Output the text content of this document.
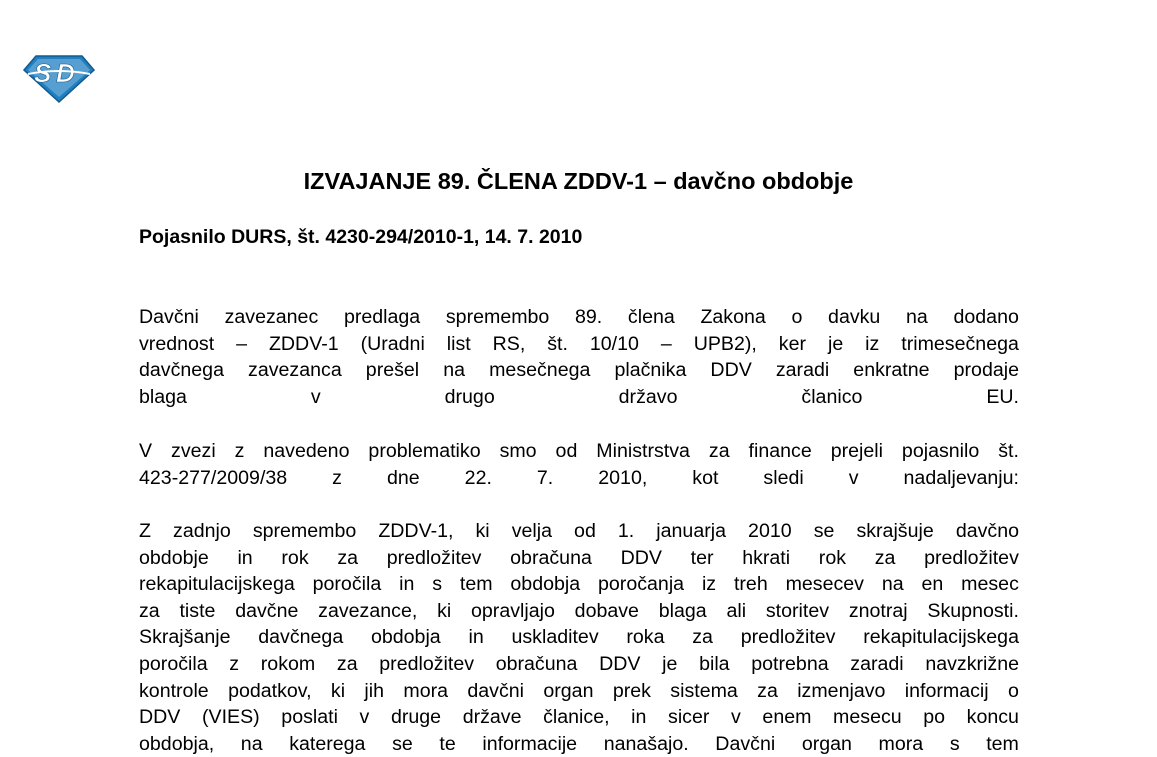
S D
IZVAJANJE 89. ČLENA ZDDV-1 – davčno obdobje
Pojasnilo DURS, št. 4230-294/2010-1, 14. 7. 2010
Davčni zavezanec predlaga spremembo 89. člena Zakona o davku na dodano
vrednost – ZDDV-1 (Uradni list RS, št. 10/10 – UPB2), ker je iz trimesečnega
davčnega zavezanca prešel na mesečnega plačnika DDV zaradi enkratne prodaje
blaga v drugo državo članico EU.
V zvezi z navedeno problematiko smo od Ministrstva za finance prejeli pojasnilo št.
423-277/2009/38 z dne 22. 7. 2010, kot sledi v nadaljevanju:
Z zadnjo spremembo ZDDV-1, ki velja od 1. januarja 2010 se skrajšuje davčno
obdobje in rok za predložitev obračuna DDV ter hkrati rok za predložitev
rekapitulacijskega poročila in s tem obdobja poročanja iz treh mesecev na en mesec
za tiste davčne zavezance, ki opravljajo dobave blaga ali storitev znotraj Skupnosti.
Skrajšanje davčnega obdobja in uskladitev roka za predložitev rekapitulacijskega
poročila z rokom za predložitev obračuna DDV je bila potrebna zaradi navzkrižne
kontrole podatkov, ki jih mora davčni organ prek sistema za izmenjavo informacij o
DDV (VIES) poslati v druge države članice, in sicer v enem mesecu po koncu
obdobja, na katerega se te informacije nanašajo. Davčni organ mora s tem
